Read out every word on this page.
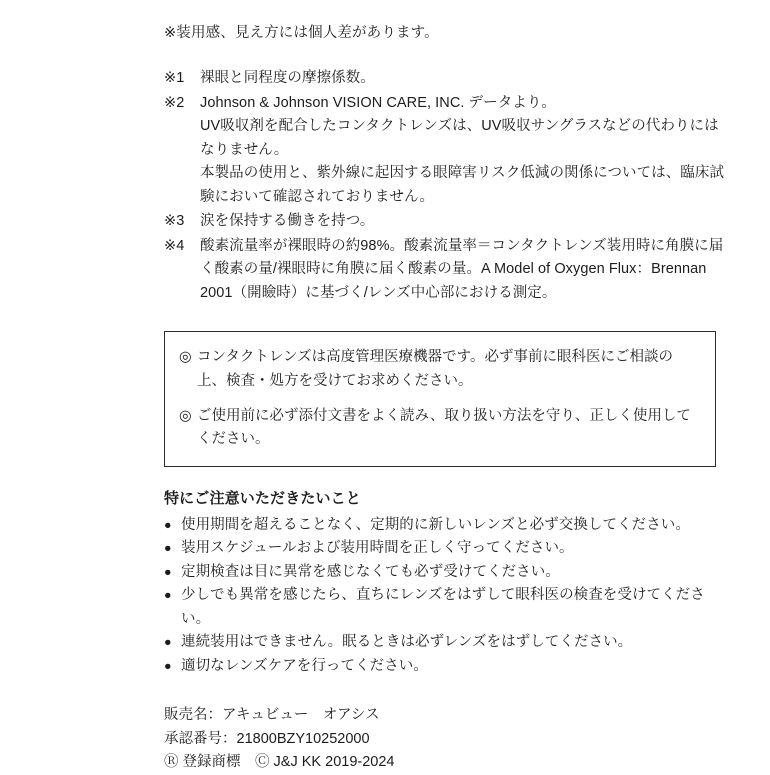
※装用感、見え方には個人差があります。

※1	裸眼と同程度の摩擦係数。

※2	Johnson & Johnson VISION CARE, INC. データより。

UV吸収剤を配合したコンタクトレンズは、UV吸収サングラスなどの代わりにはなりません。

本製品の使用と、紫外線に起因する眼障害リスク低減の関係については、臨床試験において確認されておりません。

※3	涙を保持する働きを持つ。

※4	酸素流量率が裸眼時の約98%。酸素流量率＝コンタクトレンズ装用時に角膜に届く酸素の量/裸眼時に角膜に届く酸素の量。A Model of Oxygen Flux：Brennan 2001（開瞼時）に基づく/レンズ中心部における測定。

◎ コンタクトレンズは高度管理医療機器です。必ず事前に眼科医にご相談の上、検査・処方を受けてお求めください。
◎ ご使用前に必ず添付文書をよく読み、取り扱い方法を守り、正しく使用してください。
特にご注意いただきたいこと
● 使用期間を超えることなく、定期的に新しいレンズと必ず交換してください。
● 装用スケジュールおよび装用時間を正しく守ってください。
● 定期検査は目に異常を感じなくても必ず受けてください。
● 少しでも異常を感じたら、直ちにレンズをはずして眼科医の検査を受けてください。
● 連続装用はできません。眠るときは必ずレンズをはずしてください。
● 適切なレンズケアを行ってください。
販売名：アキュビュー　オアシス
承認番号：21800BZY10252000
Ⓡ 登録商標　Ⓒ J&J KK 2019-2024
